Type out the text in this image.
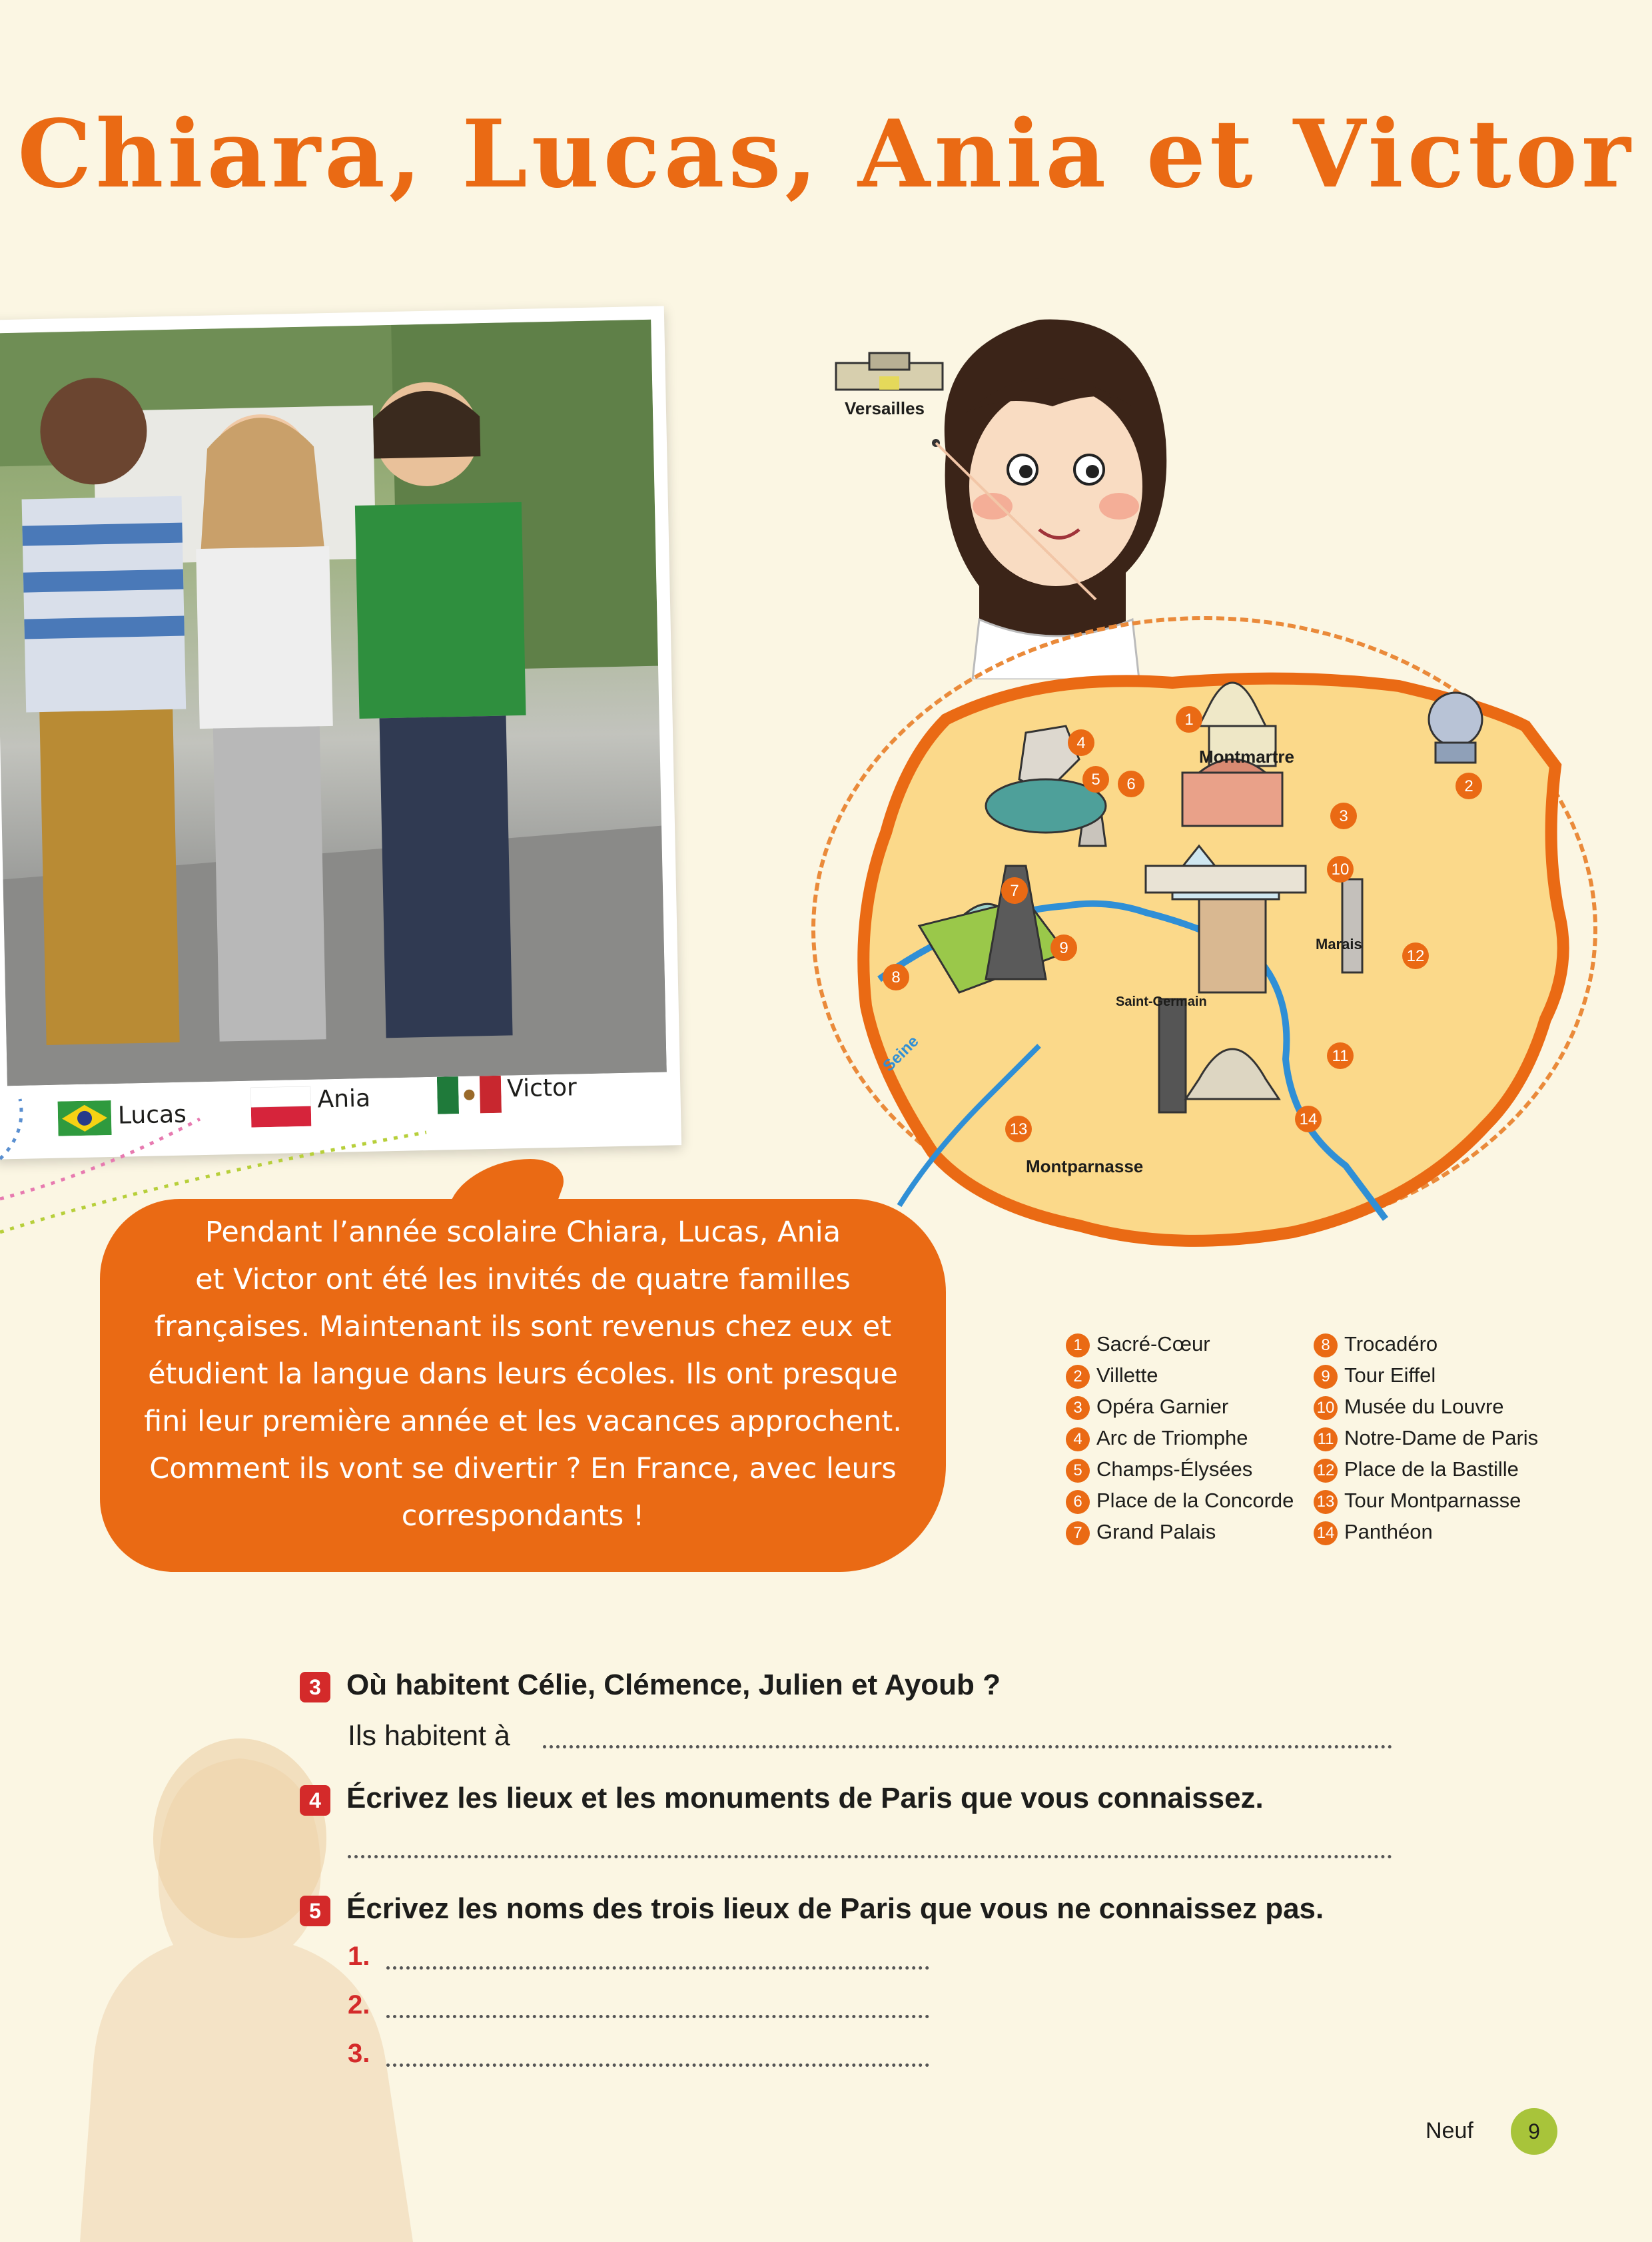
Chiara, Lucas, Ania et Victor
Lucas
Ania	Victor
Pendant l’année scolaire Chiara, Lucas, Ania
et Victor ont été les invités de quatre familles
françaises. Maintenant ils sont revenus chez eux et
étudient la langue dans leurs écoles. Ils ont presque
fini leur première année et les vacances approchent.
Comment ils vont se divertir ? En France, avec leurs
correspondants !
Versailles
1
2
3
4
5 6
7
8
9
10
11
12
13
14
Montmartre
Marais
Saint-Germain
Montparnasse
Seine
1 Sacré-Cœur
2 Villette
3 Opéra Garnier
4 Arc de Triomphe
5 Champs-Élysées
6 Place de la Concorde
7 Grand Palais
8 Trocadéro
9 Tour Eiffel
10 Musée du Louvre
11 Notre-Dame de Paris
12 Place de la Bastille
13 Tour Montparnasse
14 Panthéon
3 Où habitent Célie, Clémence, Julien et Ayoub ?
Ils habitent à
4 Écrivez les lieux et les monuments de Paris que vous connaissez.
5 Écrivez les noms des trois lieux de Paris que vous ne connaissez pas.
1.
2.
3.
Neuf	9
